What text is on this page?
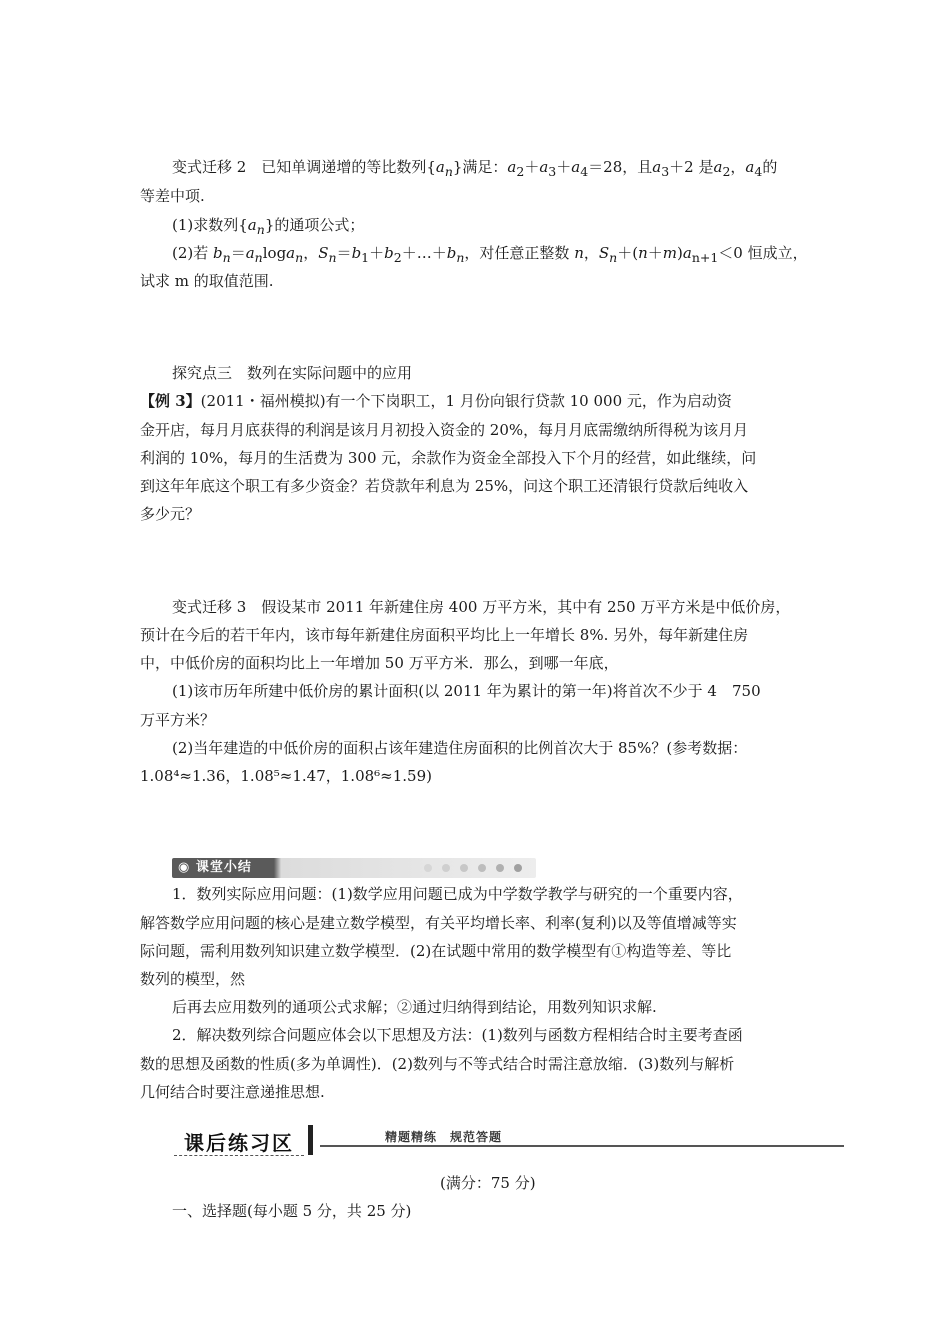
变式迁移 2　已知单调递增的等比数列$\{a_n\}$满足：$a_2+a_3+a_4=28$，且$a_3+2$ 是$a_2$，$a_4$的
等差中项.
(1)求数列$\{a_n\}$的通项公式；
(2)若 $b_n=a_n\log a_n$，$S_n=b_1+b_2+\dots+b_n$，对任意正整数 n，$S_n+(n+m)a_{n+1}<0$ 恒成立，
试求 m 的取值范围.
探究点三　数列在实际问题中的应用
【例 3】(2011・福州模拟)有一个下岗职工，1 月份向银行贷款 10 000 元，作为启动资
金开店，每月月底获得的利润是该月月初投入资金的 20%，每月月底需缴纳所得税为该月月
利润的 10%，每月的生活费为 300 元，余款作为资金全部投入下个月的经营，如此继续，问
到这年年底这个职工有多少资金？若贷款年利息为 25%，问这个职工还清银行贷款后纯收入
多少元？
变式迁移 3　假设某市 2011 年新建住房 400 万平方米，其中有 250 万平方米是中低价房，
预计在今后的若干年内，该市每年新建住房面积平均比上一年增长 8%. 另外，每年新建住房
中，中低价房的面积均比上一年增加 50 万平方米．那么，到哪一年底，
(1)该市历年所建中低价房的累计面积(以 2011 年为累计的第一年)将首次不少于 4　750
万平方米？
(2)当年建造的中低价房的面积占该年建造住房面积的比例首次大于 85%？(参考数据：
1.08⁴≈1.36，1.08⁵≈1.47，1.08⁶≈1.59)
◉ 课堂小结
1．数列实际应用问题：(1)数学应用问题已成为中学数学教学与研究的一个重要内容，
解答数学应用问题的核心是建立数学模型，有关平均增长率、利率(复利)以及等值增减等实
际问题，需利用数列知识建立数学模型．(2)在试题中常用的数学模型有①构造等差、等比
数列的模型，然
后再去应用数列的通项公式求解；②通过归纳得到结论，用数列知识求解.
2．解决数列综合问题应体会以下思想及方法：(1)数列与函数方程相结合时主要考查函
数的思想及函数的性质(多为单调性)．(2)数列与不等式结合时需注意放缩．(3)数列与解析
几何结合时要注意递推思想.
课后练习区	精题精练　规范答题
(满分：75 分)
一、选择题(每小题 5 分，共 25 分)
